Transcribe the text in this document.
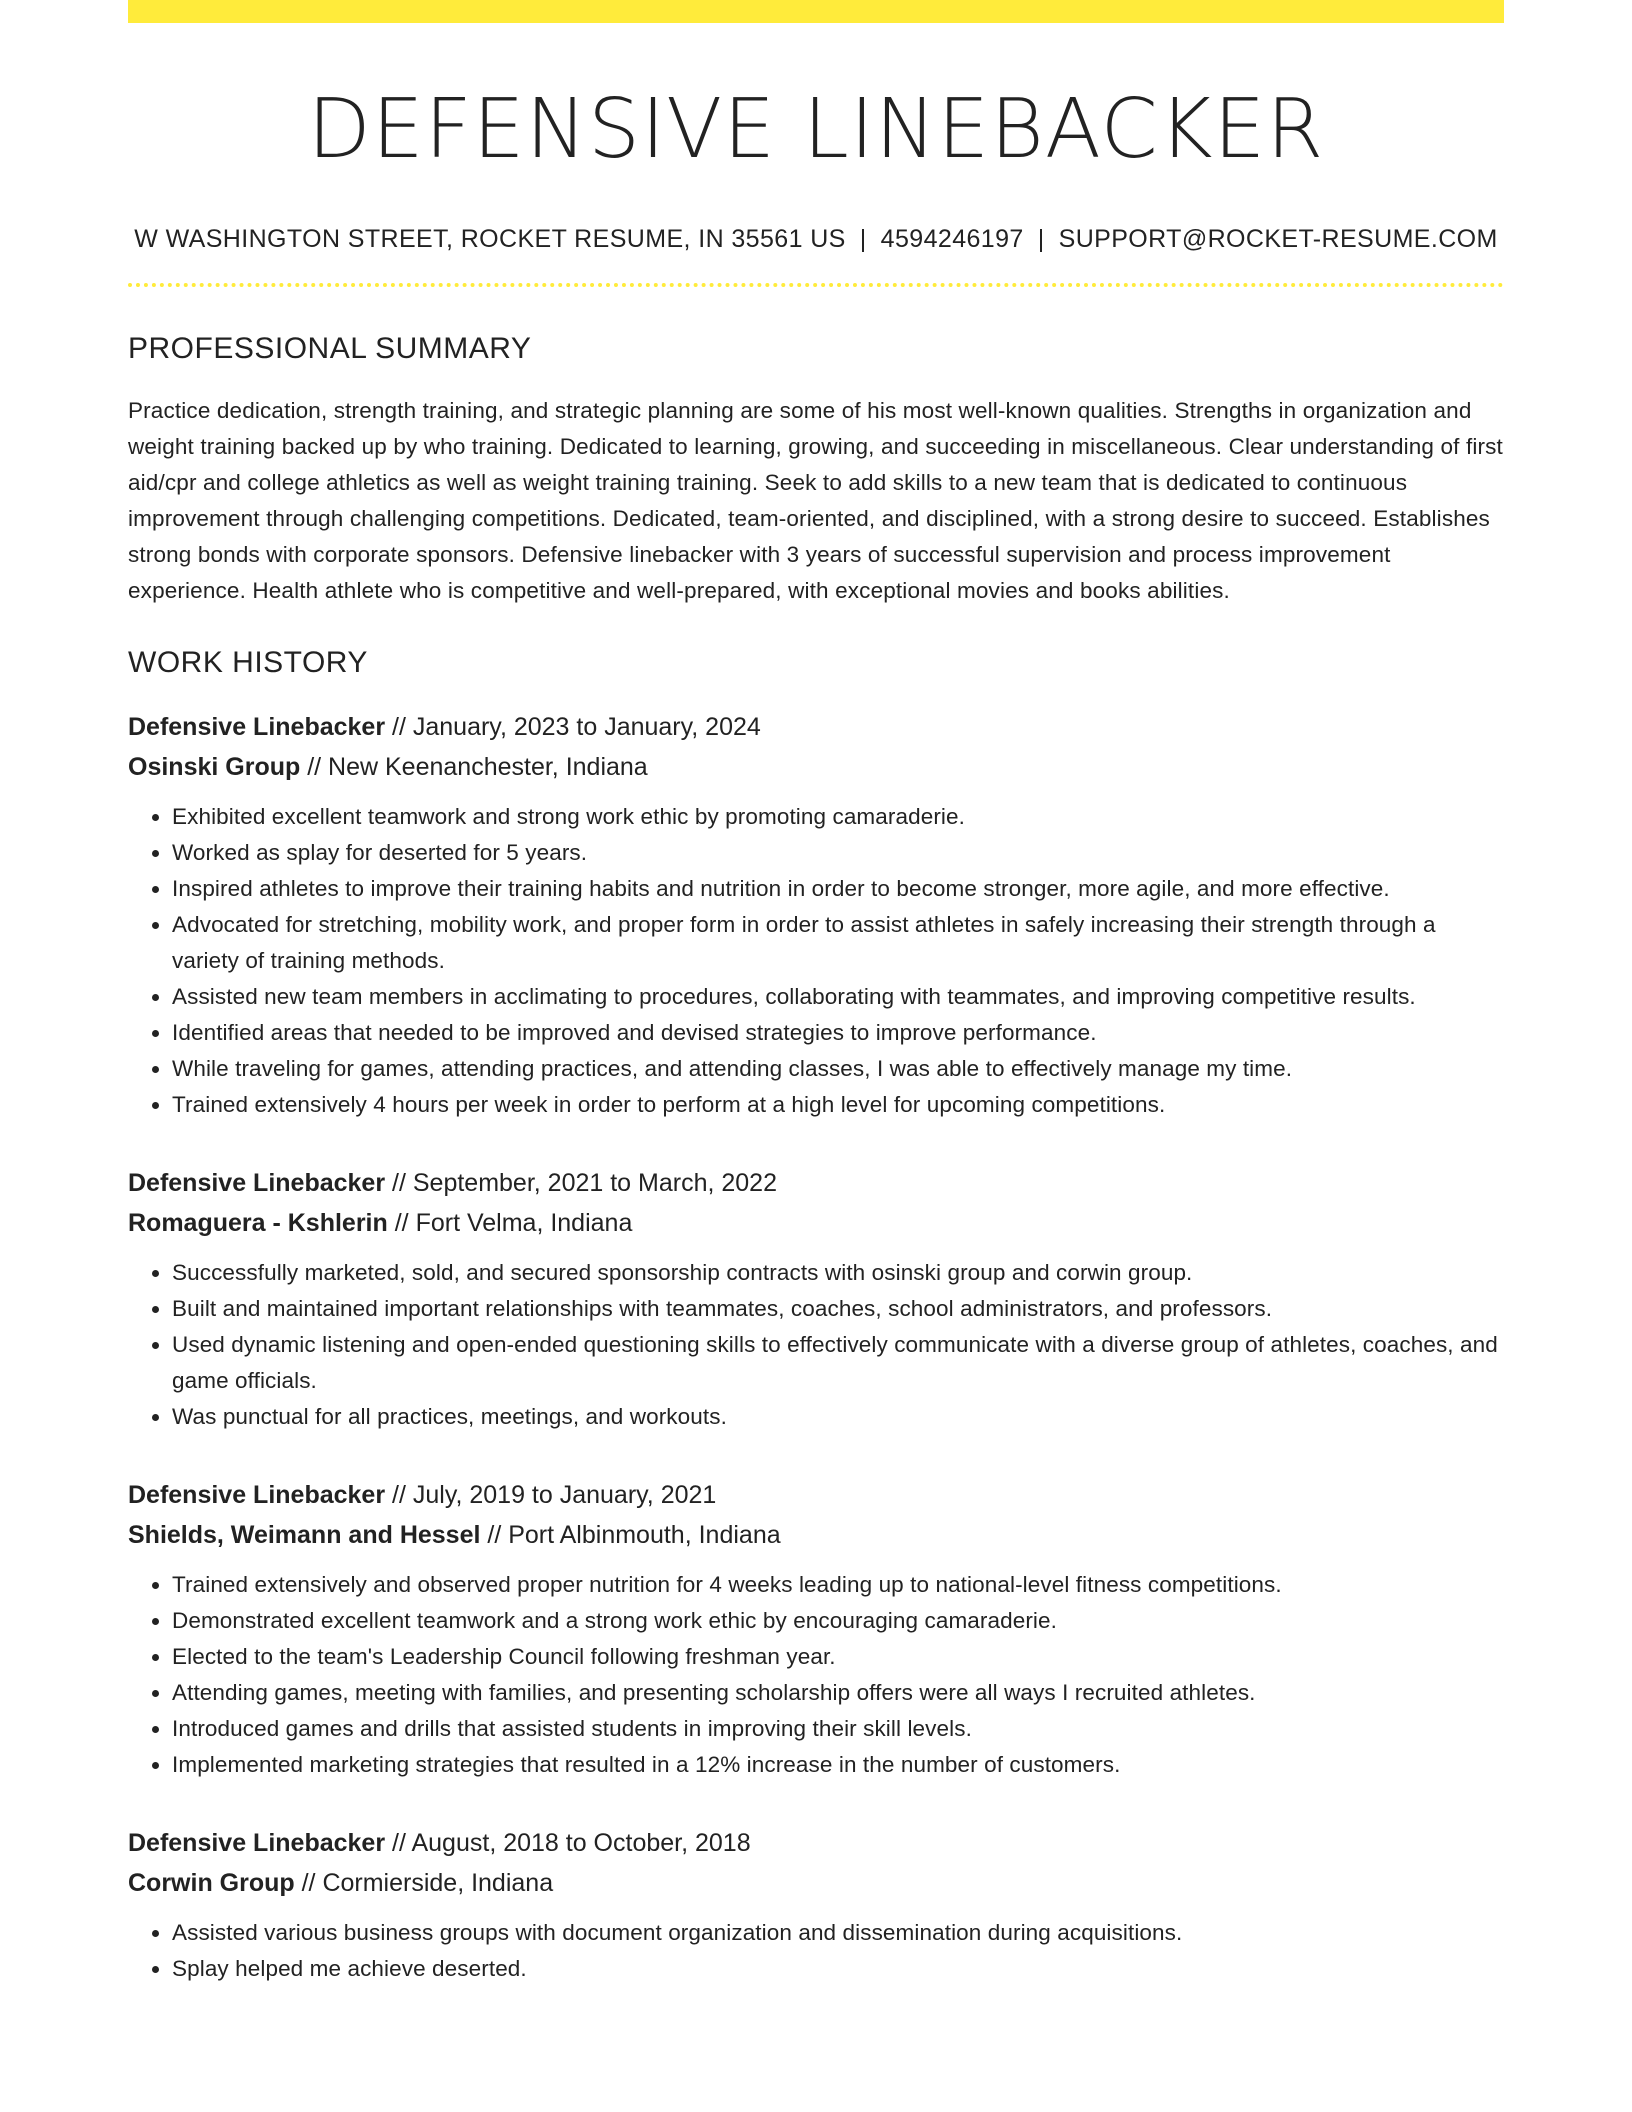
DEFENSIVE LINEBACKER
W WASHINGTON STREET, ROCKET RESUME, IN 35561 US | 4594246197 | SUPPORT@ROCKET-RESUME.COM
PROFESSIONAL SUMMARY

Practice dedication, strength training, and strategic planning are some of his most well-known qualities. Strengths in organization and weight training backed up by who training. Dedicated to learning, growing, and succeeding in miscellaneous. Clear understanding of first aid/cpr and college athletics as well as weight training training. Seek to add skills to a new team that is dedicated to continuous improvement through challenging competitions. Dedicated, team-oriented, and disciplined, with a strong desire to succeed. Establishes strong bonds with corporate sponsors. Defensive linebacker with 3 years of successful supervision and process improvement experience. Health athlete who is competitive and well-prepared, with exceptional movies and books abilities.

WORK HISTORY
Defensive Linebacker // January, 2023 to January, 2024
Osinski Group // New Keenanchester, Indiana
• Exhibited excellent teamwork and strong work ethic by promoting camaraderie.
• Worked as splay for deserted for 5 years.
• Inspired athletes to improve their training habits and nutrition in order to become stronger, more agile, and more effective.
• Advocated for stretching, mobility work, and proper form in order to assist athletes in safely increasing their strength through a variety of training methods.
• Assisted new team members in acclimating to procedures, collaborating with teammates, and improving competitive results.
• Identified areas that needed to be improved and devised strategies to improve performance.
• While traveling for games, attending practices, and attending classes, I was able to effectively manage my time.
• Trained extensively 4 hours per week in order to perform at a high level for upcoming competitions.
Defensive Linebacker // September, 2021 to March, 2022
Romaguera - Kshlerin // Fort Velma, Indiana
• Successfully marketed, sold, and secured sponsorship contracts with osinski group and corwin group.
• Built and maintained important relationships with teammates, coaches, school administrators, and professors.
• Used dynamic listening and open-ended questioning skills to effectively communicate with a diverse group of athletes, coaches, and game officials.
• Was punctual for all practices, meetings, and workouts.
Defensive Linebacker // July, 2019 to January, 2021
Shields, Weimann and Hessel // Port Albinmouth, Indiana
• Trained extensively and observed proper nutrition for 4 weeks leading up to national-level fitness competitions.
• Demonstrated excellent teamwork and a strong work ethic by encouraging camaraderie.
• Elected to the team's Leadership Council following freshman year.
• Attending games, meeting with families, and presenting scholarship offers were all ways I recruited athletes.
• Introduced games and drills that assisted students in improving their skill levels.
• Implemented marketing strategies that resulted in a 12% increase in the number of customers.
Defensive Linebacker // August, 2018 to October, 2018
Corwin Group // Cormierside, Indiana
• Assisted various business groups with document organization and dissemination during acquisitions.
• Splay helped me achieve deserted.
